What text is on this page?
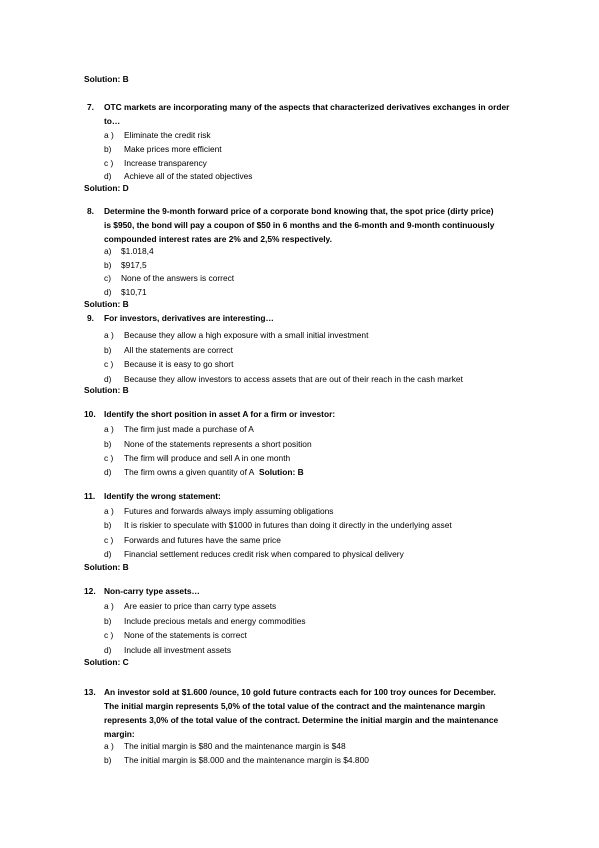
Solution: B
7. OTC markets are incorporating many of the aspects that characterized derivatives exchanges in order
to…
a ) Eliminate the credit risk
b) Make prices more efficient
c ) Increase transparency
d) Achieve all of the stated objectives
Solution: D
8. Determine the 9-month forward price of a corporate bond knowing that, the spot price (dirty price)
is $950, the bond will pay a coupon of $50 in 6 months and the 6-month and 9-month continuously
compounded interest rates are 2% and 2,5% respectively.
a) $1.018,4
b) $917,5
c) None of the answers is correct
d) $10,71
Solution: B
9. For investors, derivatives are interesting…
a ) Because they allow a high exposure with a small initial investment
b) All the statements are correct
c ) Because it is easy to go short
d) Because they allow investors to access assets that are out of their reach in the cash market
Solution: B
10. Identify the short position in asset A for a firm or investor:
a ) The firm just made a purchase of A
b) None of the statements represents a short position
c ) The firm will produce and sell A in one month
d) The firm owns a given quantity of A Solution: B
11. Identify the wrong statement:
a ) Futures and forwards always imply assuming obligations
b) It is riskier to speculate with $1000 in futures than doing it directly in the underlying asset
c ) Forwards and futures have the same price
d) Financial settlement reduces credit risk when compared to physical delivery
Solution: B
12. Non-carry type assets…
a ) Are easier to price than carry type assets
b) Include precious metals and energy commodities
c ) None of the statements is correct
d) Include all investment assets
Solution: C
13. An investor sold at $1.600 /ounce, 10 gold future contracts each for 100 troy ounces for December.
The initial margin represents 5,0% of the total value of the contract and the maintenance margin
represents 3,0% of the total value of the contract. Determine the initial margin and the maintenance
margin:
a ) The initial margin is $80 and the maintenance margin is $48
b) The initial margin is $8.000 and the maintenance margin is $4.800
